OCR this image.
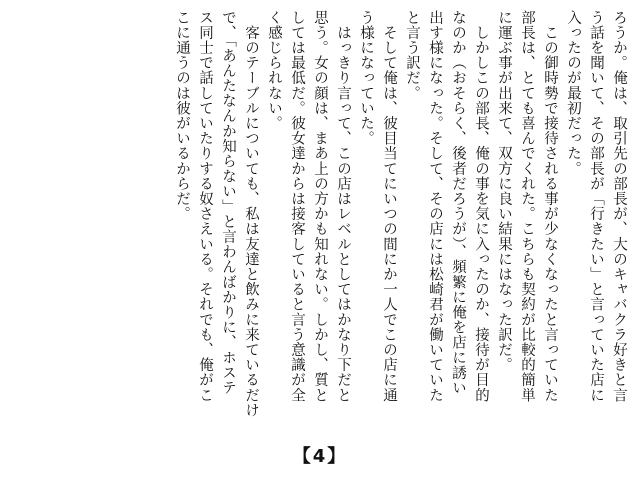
ろうか。俺は、取引先の部長が、大のキャバクラ好きと言
う話を聞いて、その部長が「行きたい」と言っていた店に
入ったのが最初だった。
　この御時勢で接待される事が少なくなったと言っていた
部長は、とても喜んでくれた。こちらも契約が比較的簡単
に運ぶ事が出来て、双方に良い結果にはなった訳だ。
　しかしこの部長、俺の事を気に入ったのか、接待が目的
なのか（おそらく、後者だろうが）、頻繁に俺を店に誘い
出す様になった。そして、その店には松崎君が働いていた
と言う訳だ。
　そして俺は、彼目当てにいつの間にか一人でこの店に通
う様になっていた。
　はっきり言って、この店はレベルとしてはかなり下だと
思う。女の顔は、まあ上の方かも知れない。しかし、質と
しては最低だ。彼女達からは接客していると言う意識が全
く感じられない。
　客のテーブルについても、私は友達と飲みに来ているだけ
で、「あんたなんか知らない」と言わんばかりに、ホステ
ス同士で話していたりする奴さえいる。それでも、俺がこ
こに通うのは彼がいるからだ。
【4】
